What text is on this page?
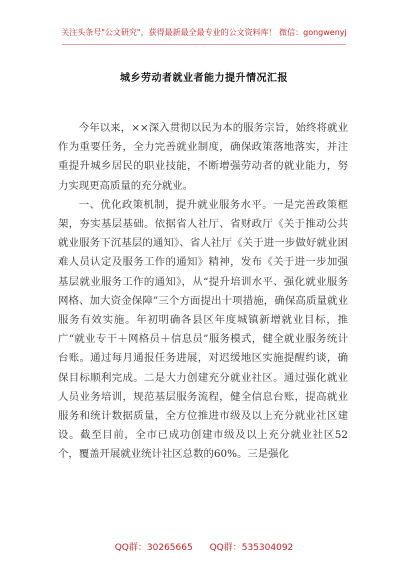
关注头条号"公文研究"，获得最新最全最专业的公文资料库！ 微信：gongwenyj
城乡劳动者就业者能力提升情况汇报

今年以来，××深入贯彻以民为本的服务宗旨，始终将就业作为重要任务，全力完善就业制度，确保政策落地落实，并注重提升城乡居民的职业技能，不断增强劳动者的就业能力，努力实现更高质量的充分就业。

一、优化政策机制，提升就业服务水平。一是完善政策框架，夯实基层基础。依据省人社厅、省财政厅《关于推动公共就业服务下沉基层的通知》、省人社厅《关于进一步做好就业困难人员认定及服务工作的通知》精神，发布《关于进一步加强基层就业服务工作的通知》，从“提升培训水平、强化就业服务网格、加大资金保障”三个方面提出十项措施，确保高质量就业服务有效实施。年初明确各县区年度城镇新增就业目标，推广“就业专干＋网格员＋信息员”服务模式，健全就业服务统计台账。通过每月通报任务进展，对迟缓地区实施提醒约谈，确保目标顺利完成。二是大力创建充分就业社区。通过强化就业人员业务培训，规范基层服务流程，健全信息台账，提高就业服务和统计数据质量，全方位推进市级及以上充分就业社区建设。截至目前，全市已成功创建市级及以上充分就业社区52个，覆盖开展就业统计社区总数的60%。三是强化

QQ群：30265665 QQ群：535304092
